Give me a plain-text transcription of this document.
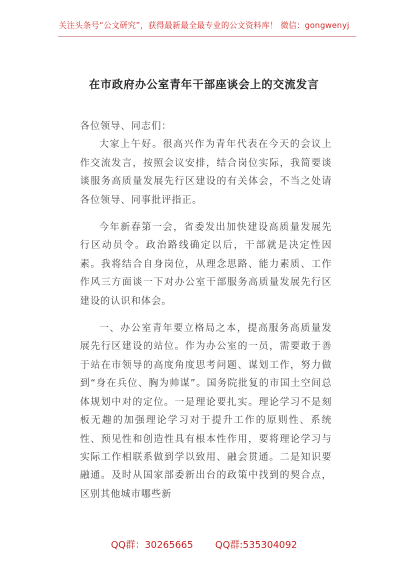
关注头条号“公文研究”，获得最新最全最专业的公文资料库！ 微信：gongwenyj
在市政府办公室青年干部座谈会上的交流发言

各位领导、同志们：

大家上午好。很高兴作为青年代表在今天的会议上作交流发言，按照会议安排，结合岗位实际，我简要谈谈服务高质量发展先行区建设的有关体会，不当之处请各位领导、同事批评指正。

今年新春第一会，省委发出加快建设高质量发展先行区动员令。政治路线确定以后，干部就是决定性因素。我将结合自身岗位，从理念思路、能力素质、工作作风三方面谈一下对办公室干部服务高质量发展先行区建设的认识和体会。

一、办公室青年要立格局之本，提高服务高质量发展先行区建设的站位。作为办公室的一员，需要敢于善于站在市领导的高度角度思考问题、谋划工作，努力做到“身在兵位、胸为帅谋”。国务院批复的市国土空间总体规划中对的定位。一是理论要扎实。理论学习不是刻板无趣的加强理论学习对于提升工作的原则性、系统性、预见性和创造性具有根本性作用，要将理论学习与实际工作相联系做到学以致用、融会贯通。二是知识要融通。及时从国家部委新出台的政策中找到的契合点，区别其他城市哪些新

QQ群：30265665 QQ群:535304092
